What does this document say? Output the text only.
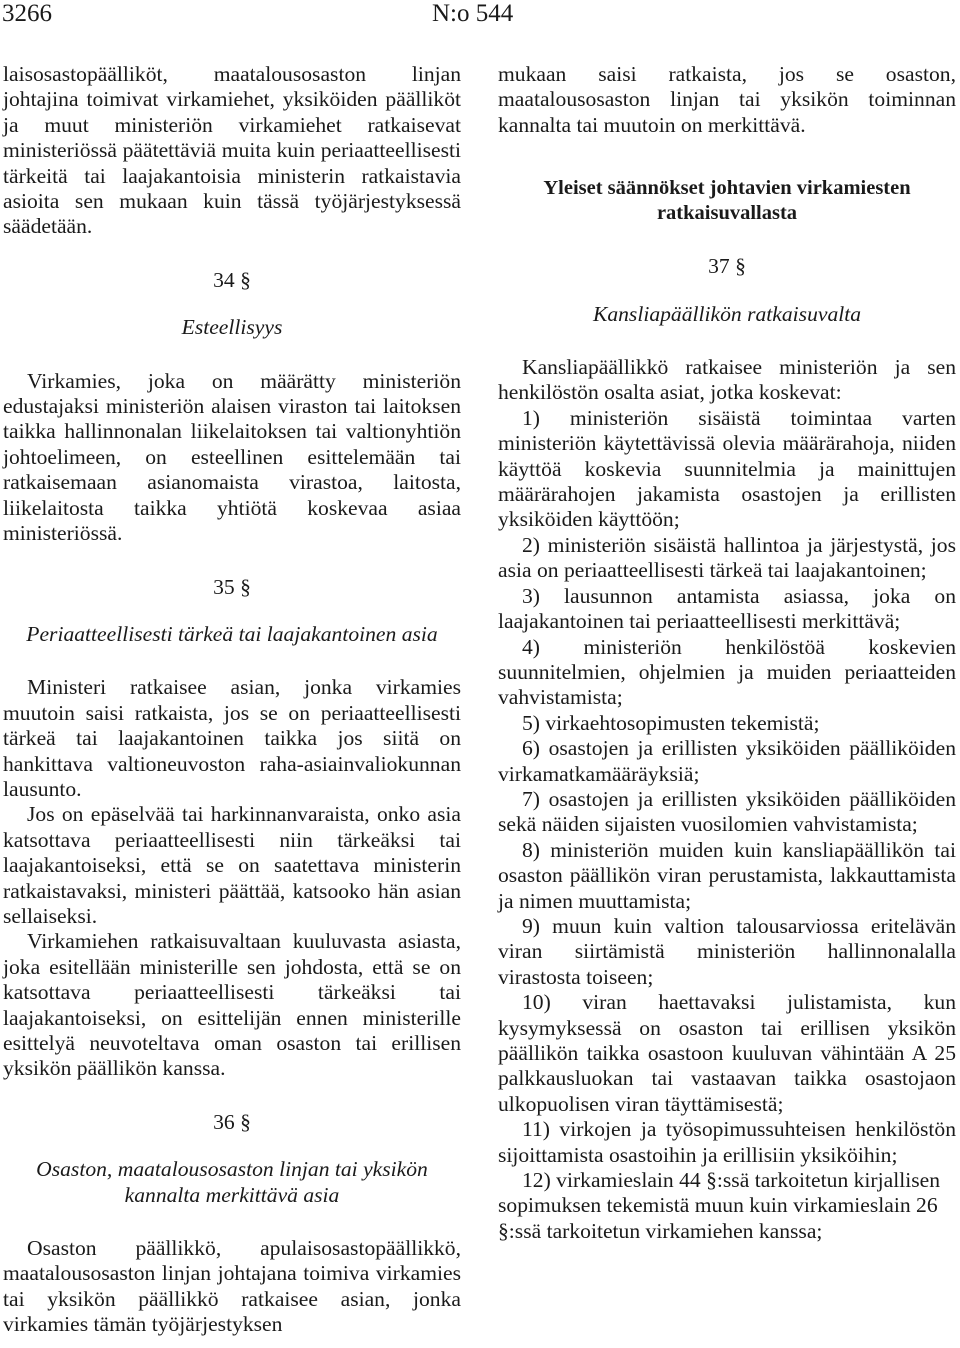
3266	N:o 544

laisosastopäälliköt, maatalousosaston linjan johtajina toimivat virkamiehet, yksiköiden päälliköt ja muut ministeriön virkamiehet ratkaisevat ministeriössä päätettäviä muita kuin periaatteellisesti tärkeitä tai laajakantoisia ministerin ratkaistavia asioita sen mukaan kuin tässä työjärjestyksessä säädetään.

34 §
Esteellisyys

Virkamies, joka on määrätty ministeriön edustajaksi ministeriön alaisen viraston tai laitoksen taikka hallinnonalan liikelaitoksen tai valtionyhtiön johtoelimeen, on esteellinen esittelemään tai ratkaisemaan asianomaista virastoa, laitosta, liikelaitosta taikka yhtiötä koskevaa asiaa ministeriössä.

35 §
Periaatteellisesti tärkeä tai laajakantoinen asia

Ministeri ratkaisee asian, jonka virkamies muutoin saisi ratkaista, jos se on periaatteellisesti tärkeä tai laajakantoinen taikka jos siitä on hankittava valtioneuvoston raha-asiainvaliokunnan lausunto.

Jos on epäselvää tai harkinnanvaraista, onko asia katsottava periaatteellisesti niin tärkeäksi tai laajakantoiseksi, että se on saatettava ministerin ratkaistavaksi, ministeri päättää, katsooko hän asian sellaiseksi.

Virkamiehen ratkaisuvaltaan kuuluvasta asiasta, joka esitellään ministerille sen johdosta, että se on katsottava periaatteellisesti tärkeäksi tai laajakantoiseksi, on esittelijän ennen ministerille esittelyä neuvoteltava oman osaston tai erillisen yksikön päällikön kanssa.

36 §
Osaston, maatalousosaston linjan tai yksikön kannalta merkittävä asia

Osaston päällikkö, apulaisosastopäällikkö, maatalousosaston linjan johtajana toimiva virkamies tai yksikön päällikkö ratkaisee asian, jonka virkamies tämän työjärjestyksen

mukaan saisi ratkaista, jos se osaston, maatalousosaston linjan tai yksikön toiminnan kannalta tai muutoin on merkittävä.

Yleiset säännökset johtavien virkamiesten ratkaisuvallasta
37 §
Kansliapäällikön ratkaisuvalta

Kansliapäällikkö ratkaisee ministeriön ja sen henkilöstön osalta asiat, jotka koskevat:

1) ministeriön sisäistä toimintaa varten ministeriön käytettävissä olevia määrärahoja, niiden käyttöä koskevia suunnitelmia ja mainittujen määrärahojen jakamista osastojen ja erillisten yksiköiden käyttöön;

2) ministeriön sisäistä hallintoa ja järjestystä, jos asia on periaatteellisesti tärkeä tai laajakantoinen;

3) lausunnon antamista asiassa, joka on laajakantoinen tai periaatteellisesti merkittävä;

4) ministeriön henkilöstöä koskevien suunnitelmien, ohjelmien ja muiden periaatteiden vahvistamista;

5) virkaehtosopimusten tekemistä;

6) osastojen ja erillisten yksiköiden päälliköiden virkamatkamääräyksiä;

7) osastojen ja erillisten yksiköiden päälliköiden sekä näiden sijaisten vuosilomien vahvistamista;

8) ministeriön muiden kuin kansliapäällikön tai osaston päällikön viran perustamista, lakkauttamista ja nimen muuttamista;

9) muun kuin valtion talousarviossa eritelävän viran siirtämistä ministeriön hallinnonalalla virastosta toiseen;

10) viran haettavaksi julistamista, kun kysymyksessä on osaston tai erillisen yksikön päällikön taikka osastoon kuuluvan vähintään A 25 palkkausluokan tai vastaavan taikka osastojaon ulkopuolisen viran täyttämisestä;

11) virkojen ja työsopimussuhteisen henkilöstön sijoittamista osastoihin ja erillisiin yksiköihin;

12) virkamieslain 44 §:ssä tarkoitetun kirjallisen sopimuksen tekemistä muun kuin virkamieslain 26 §:ssä tarkoitetun virkamiehen kanssa;
